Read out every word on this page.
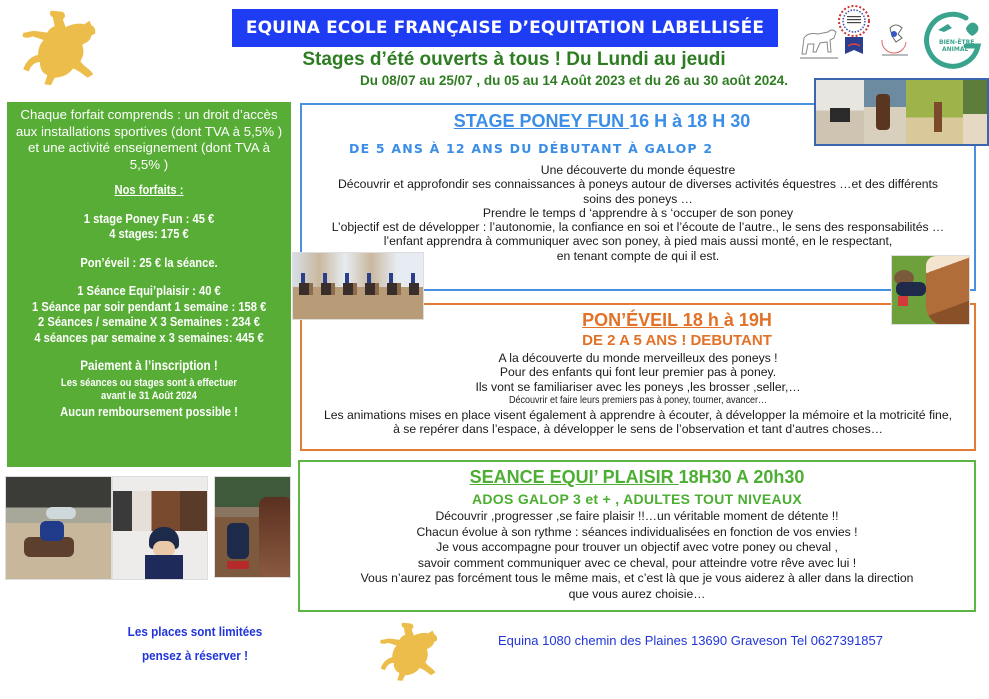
EQUINA ECOLE FRANÇAISE D’EQUITATION LABELLISÉE
Stages d’été ouverts à tous ! Du Lundi au jeudi
Du 08/07 au 25/07 , du 05 au 14 Août 2023 et du 26 au 30 août 2024.
BIEN-ÊTRE
ANIMAL
Chaque forfait comprends : un droit d’accès aux installations sportives (dont TVA à 5,5% ) et une activité enseignement (dont TVA à 5,5% )
Nos forfaits :
1 stage Poney Fun : 45 €
4 stages: 175 €
Pon’éveil : 25 € la séance.
1 Séance Equi’plaisir : 40 €
1 Séance par soir pendant 1 semaine : 158 €
2 Séances / semaine X 3 Semaines : 234 €
4 séances par semaine x 3 semaines: 445 €
Paiement à l’inscription !
Les séances ou stages sont à effectuer
avant le 31 Août 2024
Aucun remboursement possible !
STAGE PONEY FUN 16 H à 18 H 30
DE 5 ANS À 12 ANS DU DÉBUTANT À GALOP 2

Une découverte du monde équestre

Découvrir et approfondir ses connaissances à poneys autour de diverses activités équestres …et des différents

soins des poneys …

Prendre le temps d ‘apprendre à s ‘occuper de son poney

L’objectif est de développer : l’autonomie, la confiance en soi et l’écoute de l’autre., le sens des responsabilités …

l’enfant apprendra à communiquer avec son poney, à pied mais aussi monté, en le respectant,

en tenant compte de qui il est.

PON’ÉVEIL 18 h à 19H
DE 2 A 5 ANS ! DEBUTANT

A la découverte du monde merveilleux des poneys !

Pour des enfants qui font leur premier pas à poney.

Ils vont se familiariser avec les poneys ,les brosser ,seller,…

Découvrir et faire leurs premiers pas à poney, tourner, avancer…

Les animations mises en place visent également à apprendre à écouter, à développer la mémoire et la motricité fine,

à se repérer dans l’espace, à développer le sens de l’observation et tant d’autres choses…

SEANCE EQUI’ PLAISIR 18H30 A 20h30
ADOS GALOP 3 et + , ADULTES TOUT NIVEAUX

Découvrir ,progresser ,se faire plaisir !!…un véritable moment de détente !!

Chacun évolue à son rythme : séances individualisées en fonction de vos envies !

Je vous accompagne pour trouver un objectif avec votre poney ou cheval ,

savoir comment communiquer avec ce cheval, pour atteindre votre rêve avec lui !

Vous n’aurez pas forcément tous le même mais, et c’est là que je vous aiderez à aller dans la direction

que vous aurez choisie…

Les places sont limitées
pensez à réserver !
Equina 1080 chemin des Plaines 13690 Graveson Tel 0627391857
